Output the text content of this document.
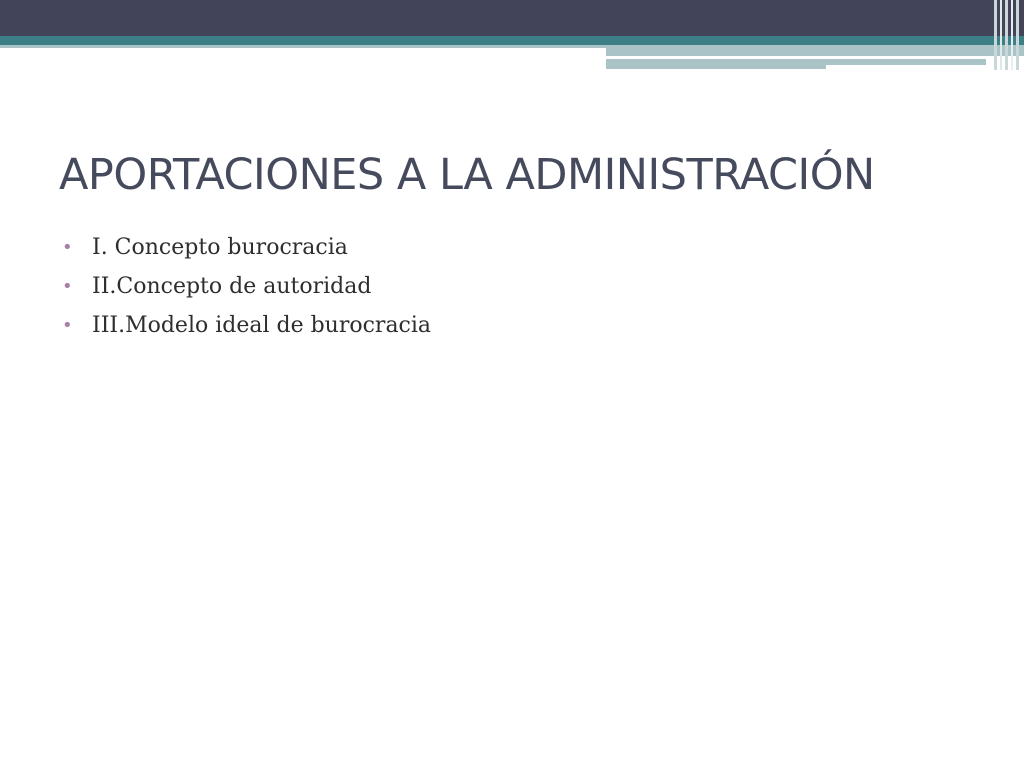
APORTACIONES A LA ADMINISTRACIÓN
• I. Concepto burocracia
• II.Concepto de autoridad
• III.Modelo ideal de burocracia
